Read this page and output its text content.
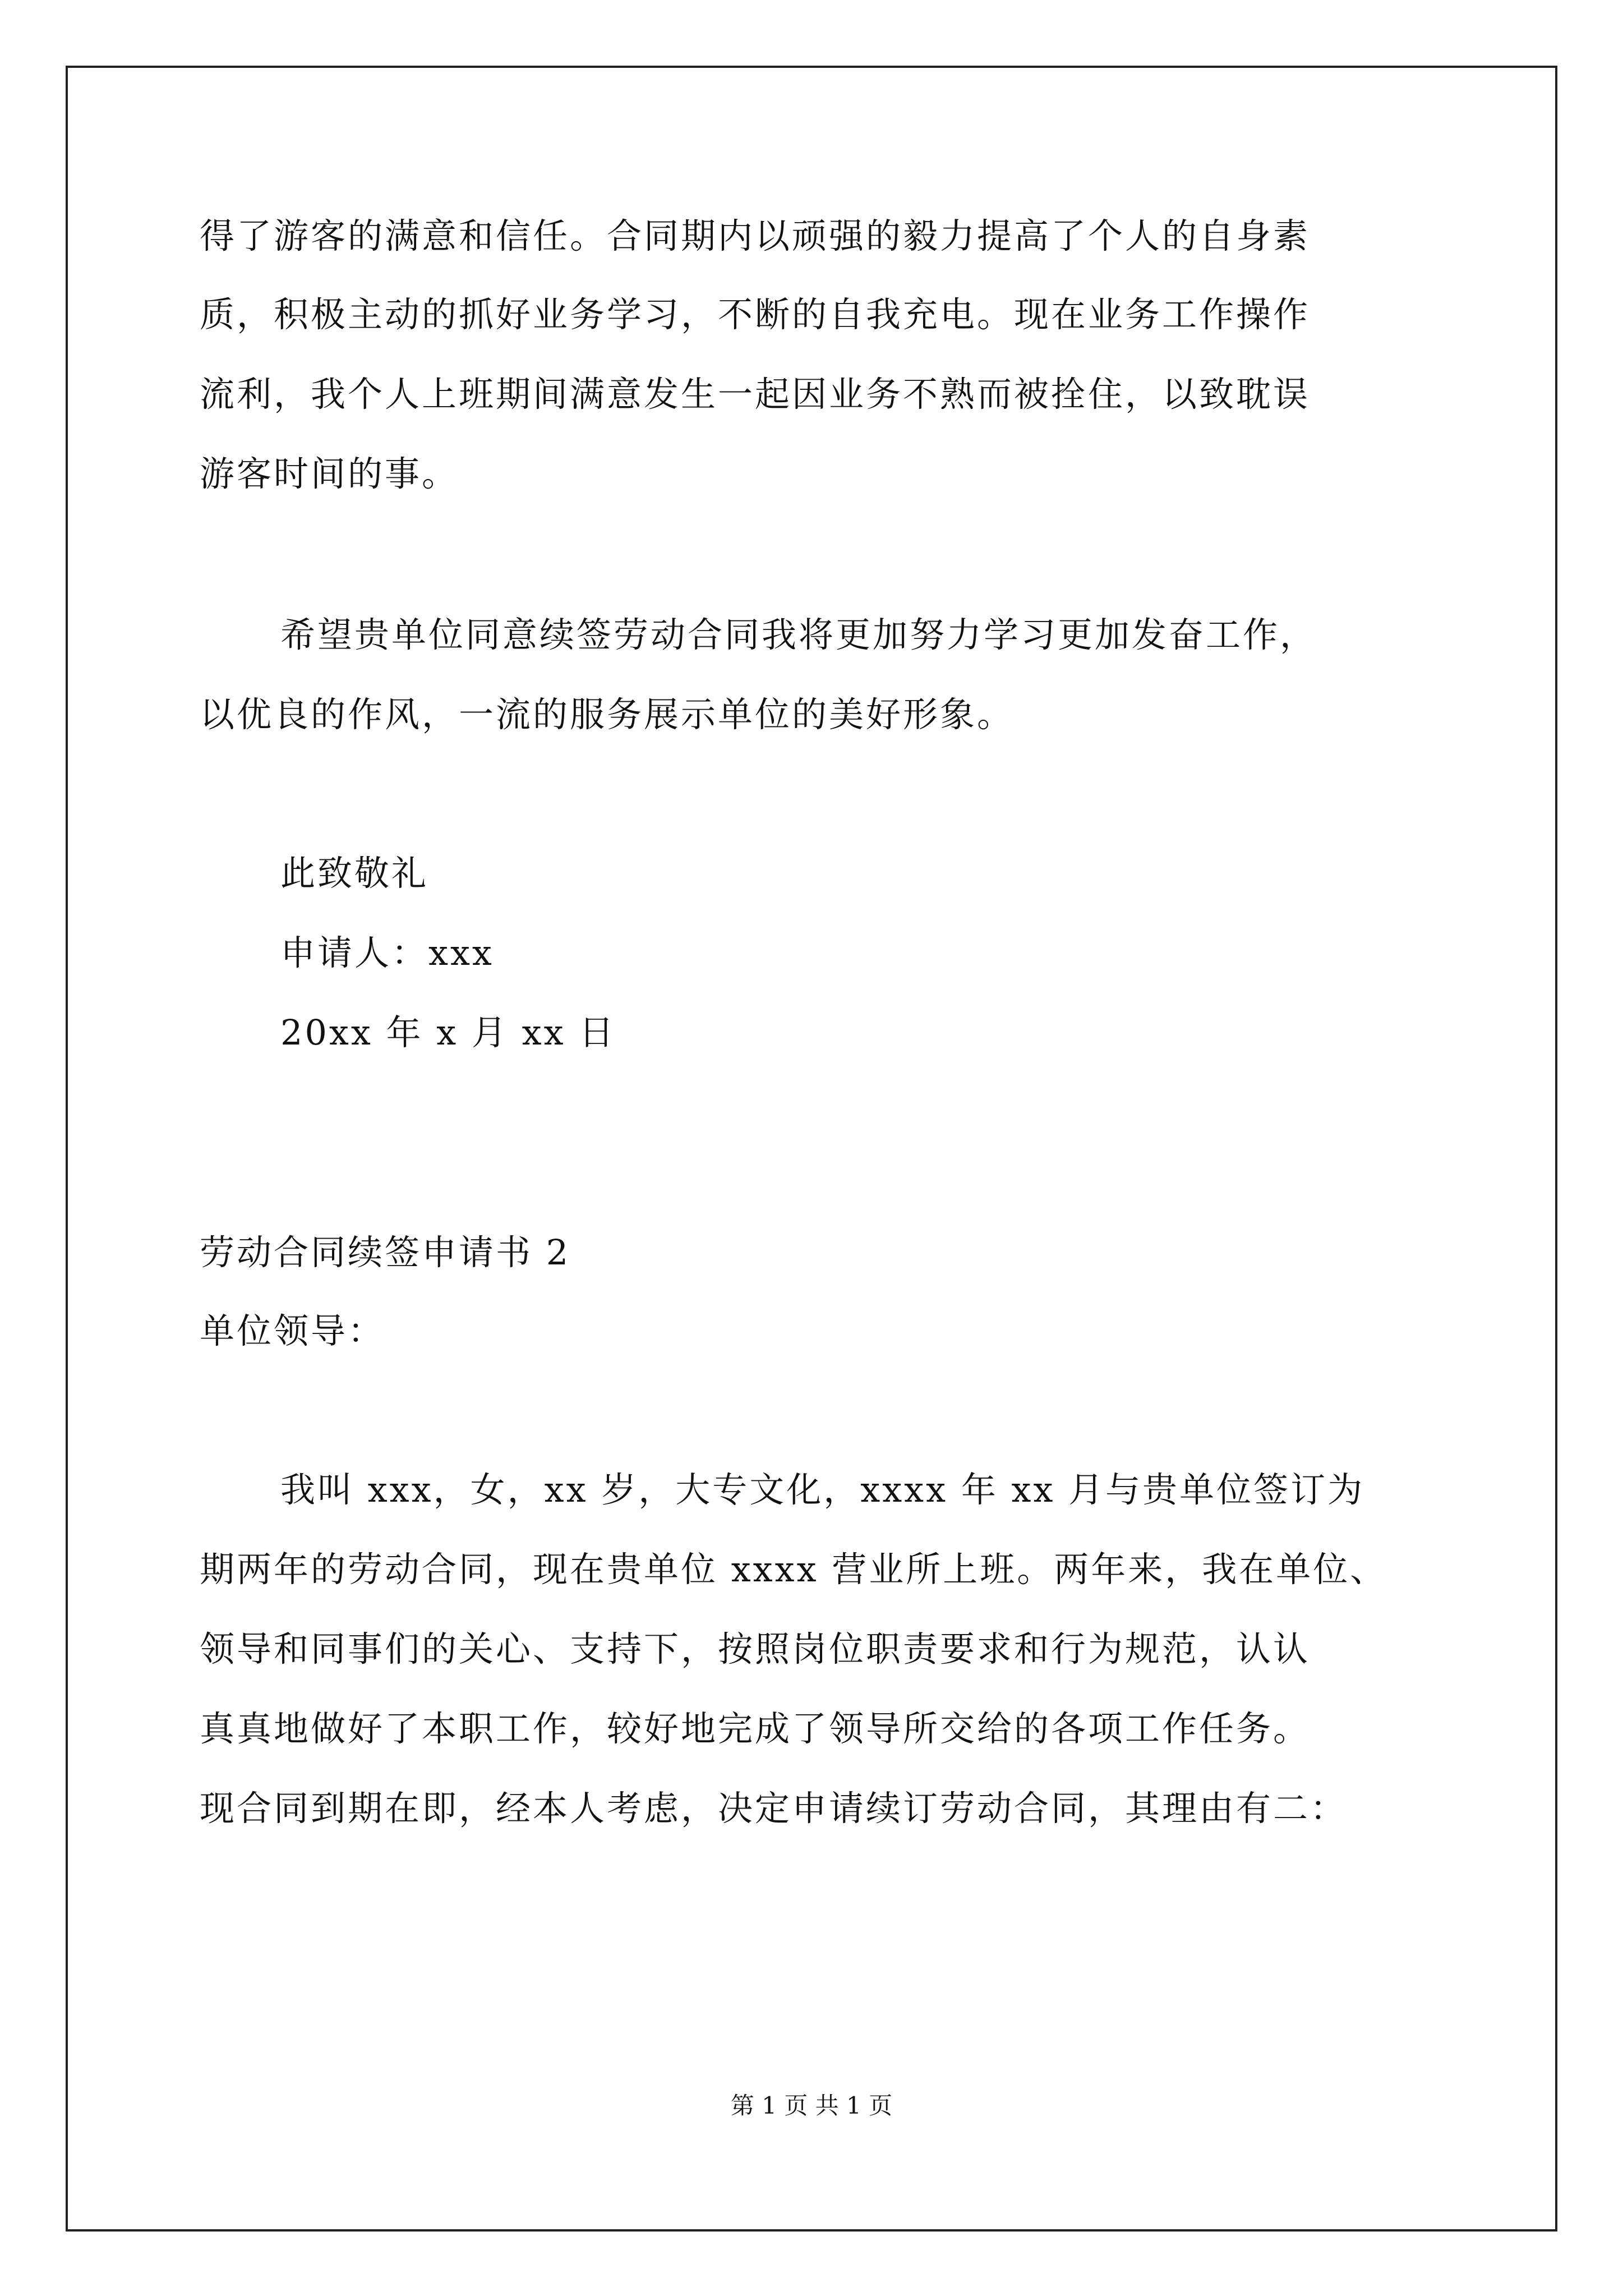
得了游客的满意和信任。合同期内以顽强的毅力提高了个人的自身素
质，积极主动的抓好业务学习，不断的自我充电。现在业务工作操作
流利，我个人上班期间满意发生一起因业务不熟而被拴住，以致耽误
游客时间的事。
希望贵单位同意续签劳动合同我将更加努力学习更加发奋工作，
以优良的作风，一流的服务展示单位的美好形象。
此致敬礼
申请人：xxx
20xx 年 x 月 xx 日
劳动合同续签申请书 2
单位领导：
我叫 xxx，女，xx 岁，大专文化，xxxx 年 xx 月与贵单位签订为
期两年的劳动合同，现在贵单位 xxxx 营业所上班。两年来，我在单位、
领导和同事们的关心、支持下，按照岗位职责要求和行为规范，认认
真真地做好了本职工作，较好地完成了领导所交给的各项工作任务。
现合同到期在即，经本人考虑，决定申请续订劳动合同，其理由有二：
第 1 页 共 1 页
